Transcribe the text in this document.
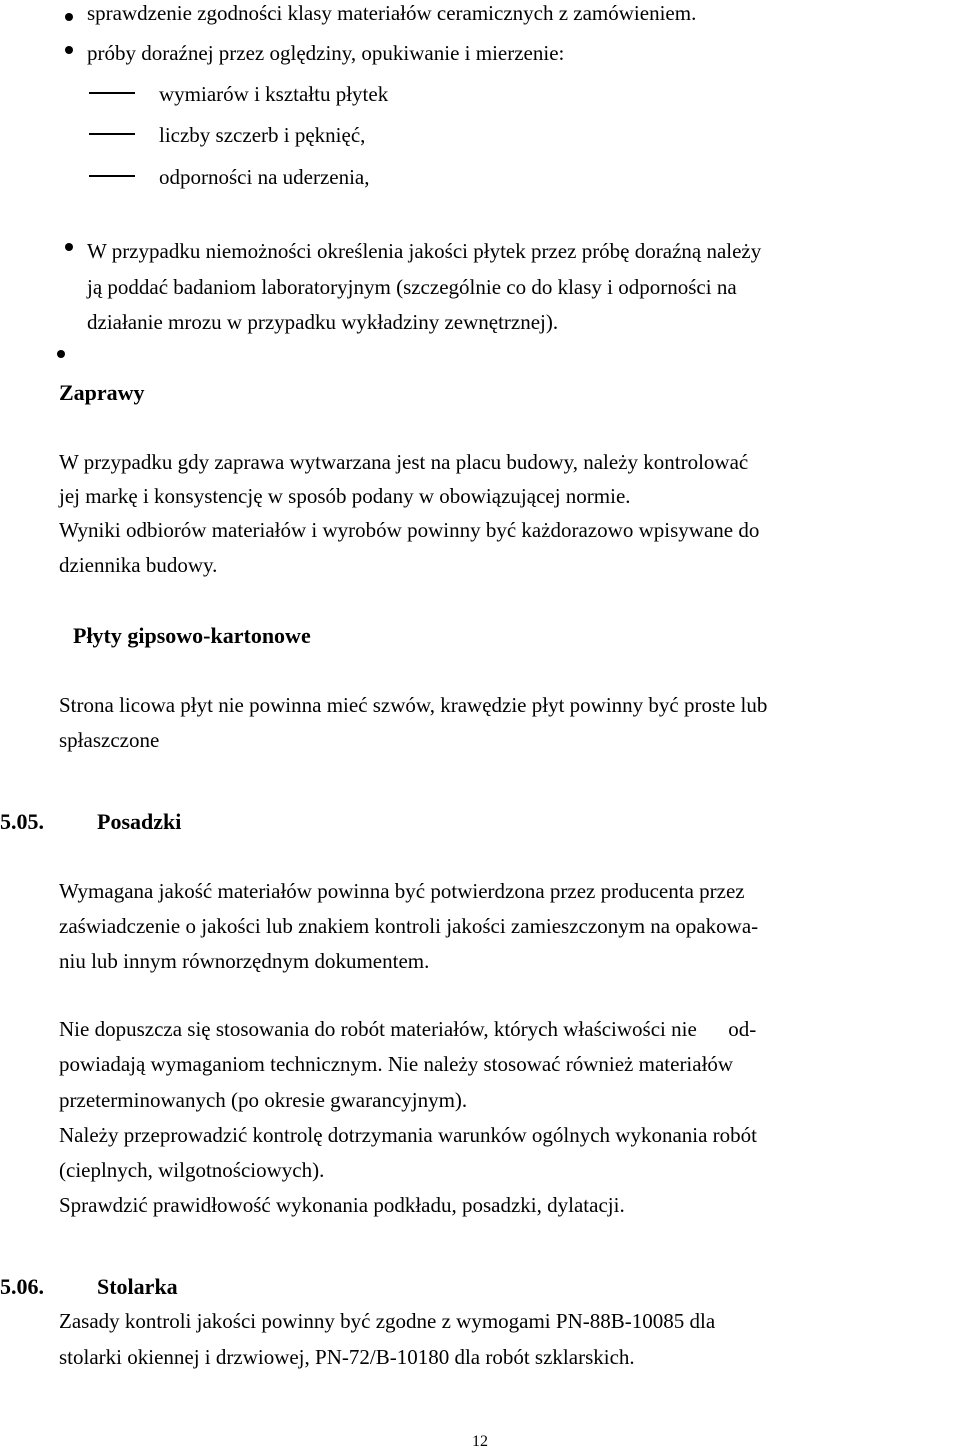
sprawdzenie zgodności klasy materiałów ceramicznych z zamówieniem.
próby doraźnej przez oględziny, opukiwanie i mierzenie:
wymiarów i kształtu płytek
liczby szczerb i pęknięć,
odporności na uderzenia,
W przypadku niemożności określenia jakości płytek przez próbę doraźną należy
ją poddać badaniom laboratoryjnym (szczególnie co do klasy i odporności na
działanie mrozu w przypadku wykładziny zewnętrznej).
Zaprawy
W przypadku gdy zaprawa wytwarzana jest na placu budowy, należy kontrolować
jej markę i konsystencję w sposób podany w obowiązującej normie.
Wyniki odbiorów materiałów i wyrobów powinny być każdorazowo wpisywane do
dziennika budowy.
Płyty gipsowo-kartonowe
Strona licowa płyt nie powinna mieć szwów, krawędzie płyt powinny być proste lub
spłaszczone
5.05. Posadzki
Wymagana jakość materiałów powinna być potwierdzona przez producenta przez
zaświadczenie o jakości lub znakiem kontroli jakości zamieszczonym na opakowa-
niu lub innym równorzędnym dokumentem.
Nie dopuszcza się stosowania do robót materiałów, których właściwości nie      od-
powiadają wymaganiom technicznym. Nie należy stosować również materiałów
przeterminowanych (po okresie gwarancyjnym).
Należy przeprowadzić kontrolę dotrzymania warunków ogólnych wykonania robót
(cieplnych, wilgotnościowych).
Sprawdzić prawidłowość wykonania podkładu, posadzki, dylatacji.
5.06. Stolarka
Zasady kontroli jakości powinny być zgodne z wymogami PN-88B-10085 dla
stolarki okiennej i drzwiowej, PN-72/B-10180 dla robót szklarskich.
12
